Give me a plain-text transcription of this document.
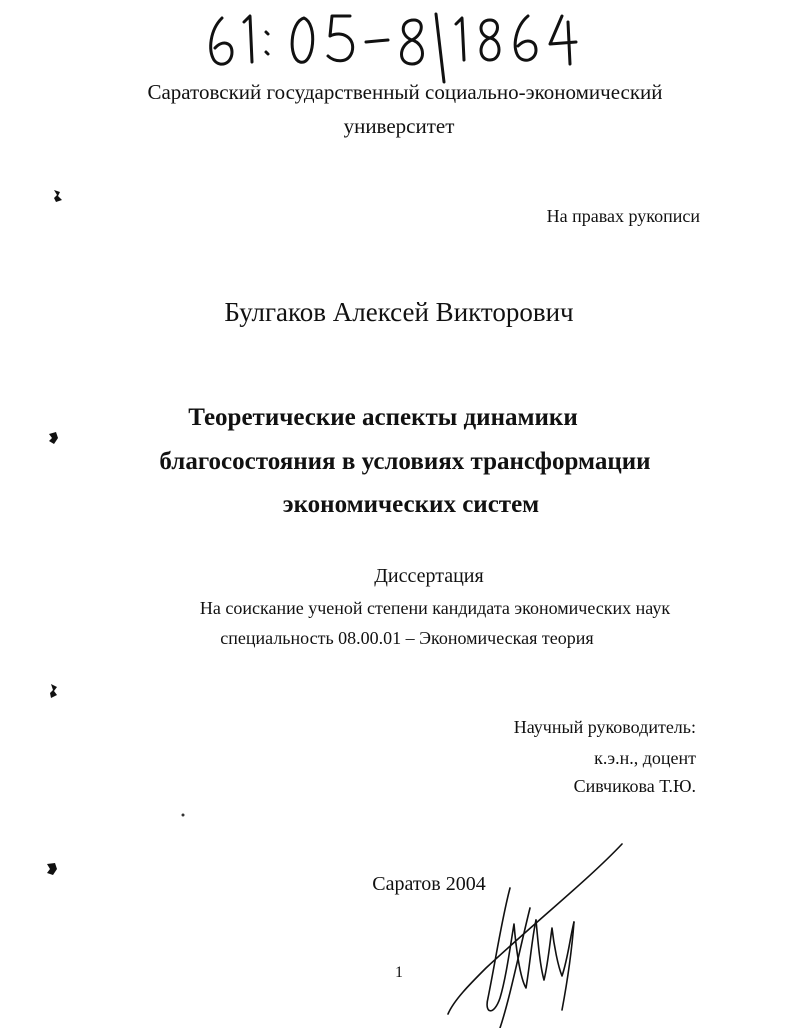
Саратовский государственный социально-экономический
университет
На правах рукописи
Булгаков Алексей Викторович
Теоретические аспекты динамики
благосостояния в условиях трансформации
экономических систем
Диссертация
На соискание ученой степени кандидата экономических наук
специальность 08.00.01 – Экономическая теория
Научный руководитель:
к.э.н., доцент
Сивчикова Т.Ю.
Саратов 2004
1
